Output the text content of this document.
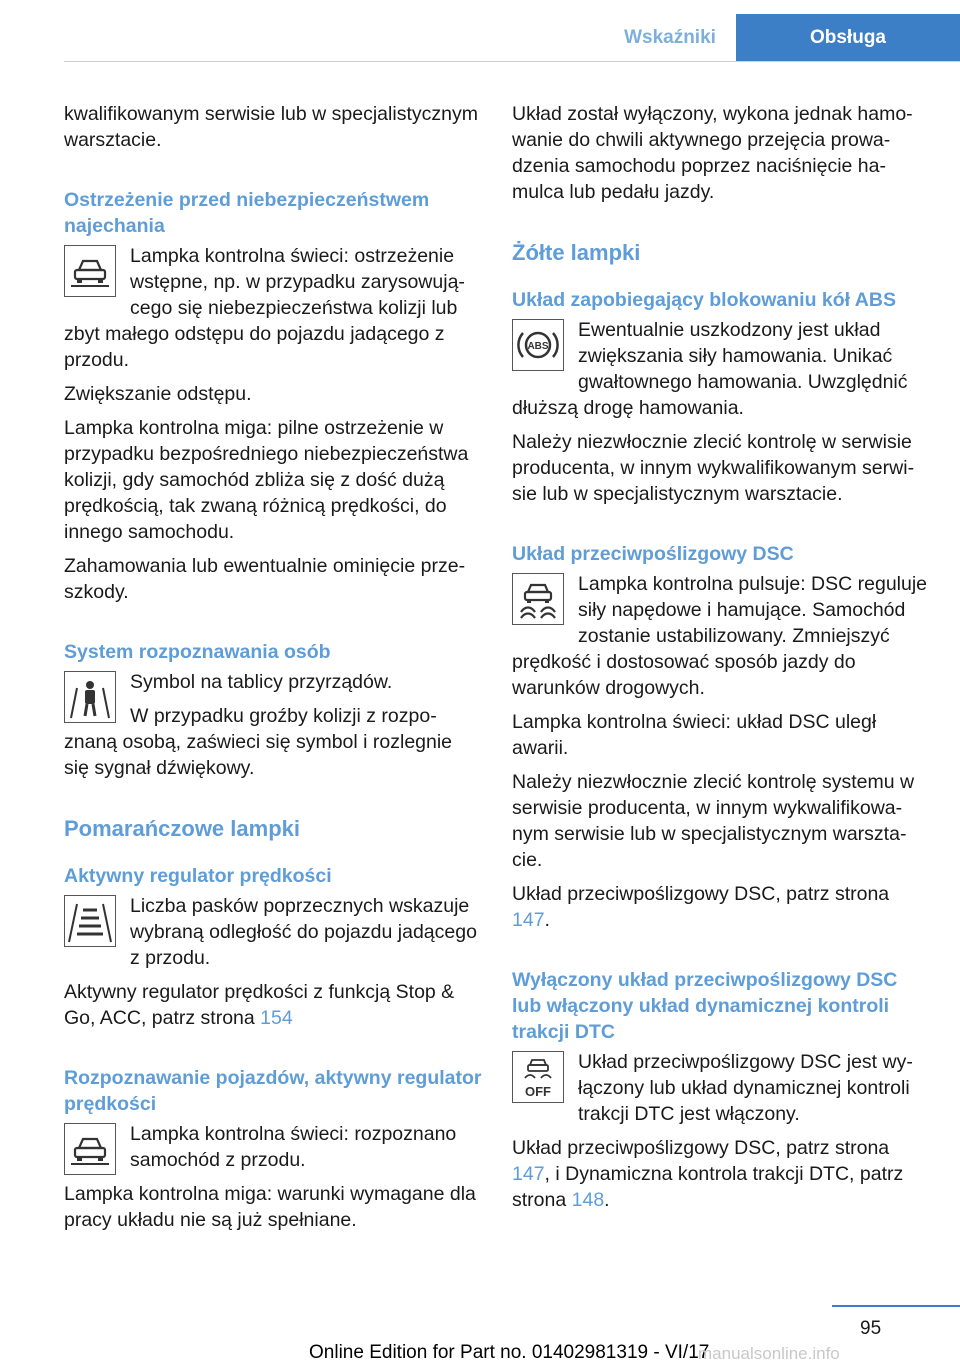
Wskaźniki	Obsługa

kwalifikowanym serwisie lub w specjalistycznym warsztacie.

Ostrzeżenie przed niebezpieczeństwem najechania
Lampka kontrolna świeci: ostrzeżenie wstępne, np. w przypadku zarysowującego się niebezpieczeństwa kolizji lub zbyt małego odstępu do pojazdu jadącego z przodu.

Zwiększanie odstępu.

Lampka kontrolna miga: pilne ostrzeżenie w przypadku bezpośredniego niebezpieczeństwa kolizji, gdy samochód zbliża się z dość dużą prędkością, tak zwaną różnicą prędkości, do innego samochodu.

Zahamowania lub ewentualnie ominięcie przeszkody.

System rozpoznawania osób
Symbol na tablicy przyrządów.

W przypadku groźby kolizji z rozpoznaną osobą, zaświeci się symbol i rozlegnie się sygnał dźwiękowy.
Pomarańczowe lampki
Aktywny regulator prędkości
Liczba pasków poprzecznych wskazuje wybraną odległość do pojazdu jadącego z przodu.

Aktywny regulator prędkości z funkcją Stop & Go, ACC, patrz strona 154

Rozpoznawanie pojazdów, aktywny regulator prędkości
Lampka kontrolna świeci: rozpoznano samochód z przodu.

Lampka kontrolna miga: warunki wymagane dla pracy układu nie są już spełniane.

Układ został wyłączony, wykona jednak hamowanie do chwili aktywnego przejęcia prowadzenia samochodu poprzez naciśnięcie hamulca lub pedału jazdy.

Żółte lampki
Układ zapobiegający blokowaniu kół ABS
ABS
Ewentualnie uszkodzony jest układ zwiększania siły hamowania. Unikać gwałtownego hamowania. Uwzględnić dłuższą drogę hamowania.

Należy niezwłocznie zlecić kontrolę w serwisie producenta, w innym wykwalifikowanym serwisie lub w specjalistycznym warsztacie.

Układ przeciwpoślizgowy DSC
Lampka kontrolna pulsuje: DSC reguluje siły napędowe i hamujące. Samochód zostanie ustabilizowany. Zmniejszyć prędkość i dostosować sposób jazdy do warunków drogowych.

Lampka kontrolna świeci: układ DSC uległ awarii.

Należy niezwłocznie zlecić kontrolę systemu w serwisie producenta, w innym wykwalifikowanym serwisie lub w specjalistycznym warsztacie.

Układ przeciwpoślizgowy DSC, patrz strona 147.

Wyłączony układ przeciwpoślizgowy DSC lub włączony układ dynamicznej kontroli trakcji DTC
OFF
Układ przeciwpoślizgowy DSC jest wyłączony lub układ dynamicznej kontroli trakcji DTC jest włączony.

Układ przeciwpoślizgowy DSC, patrz strona 147, i Dynamiczna kontrola trakcji DTC, patrz strona 148.

95
Online Edition for Part no. 01402981319 - VI/17
manualsonline.info
